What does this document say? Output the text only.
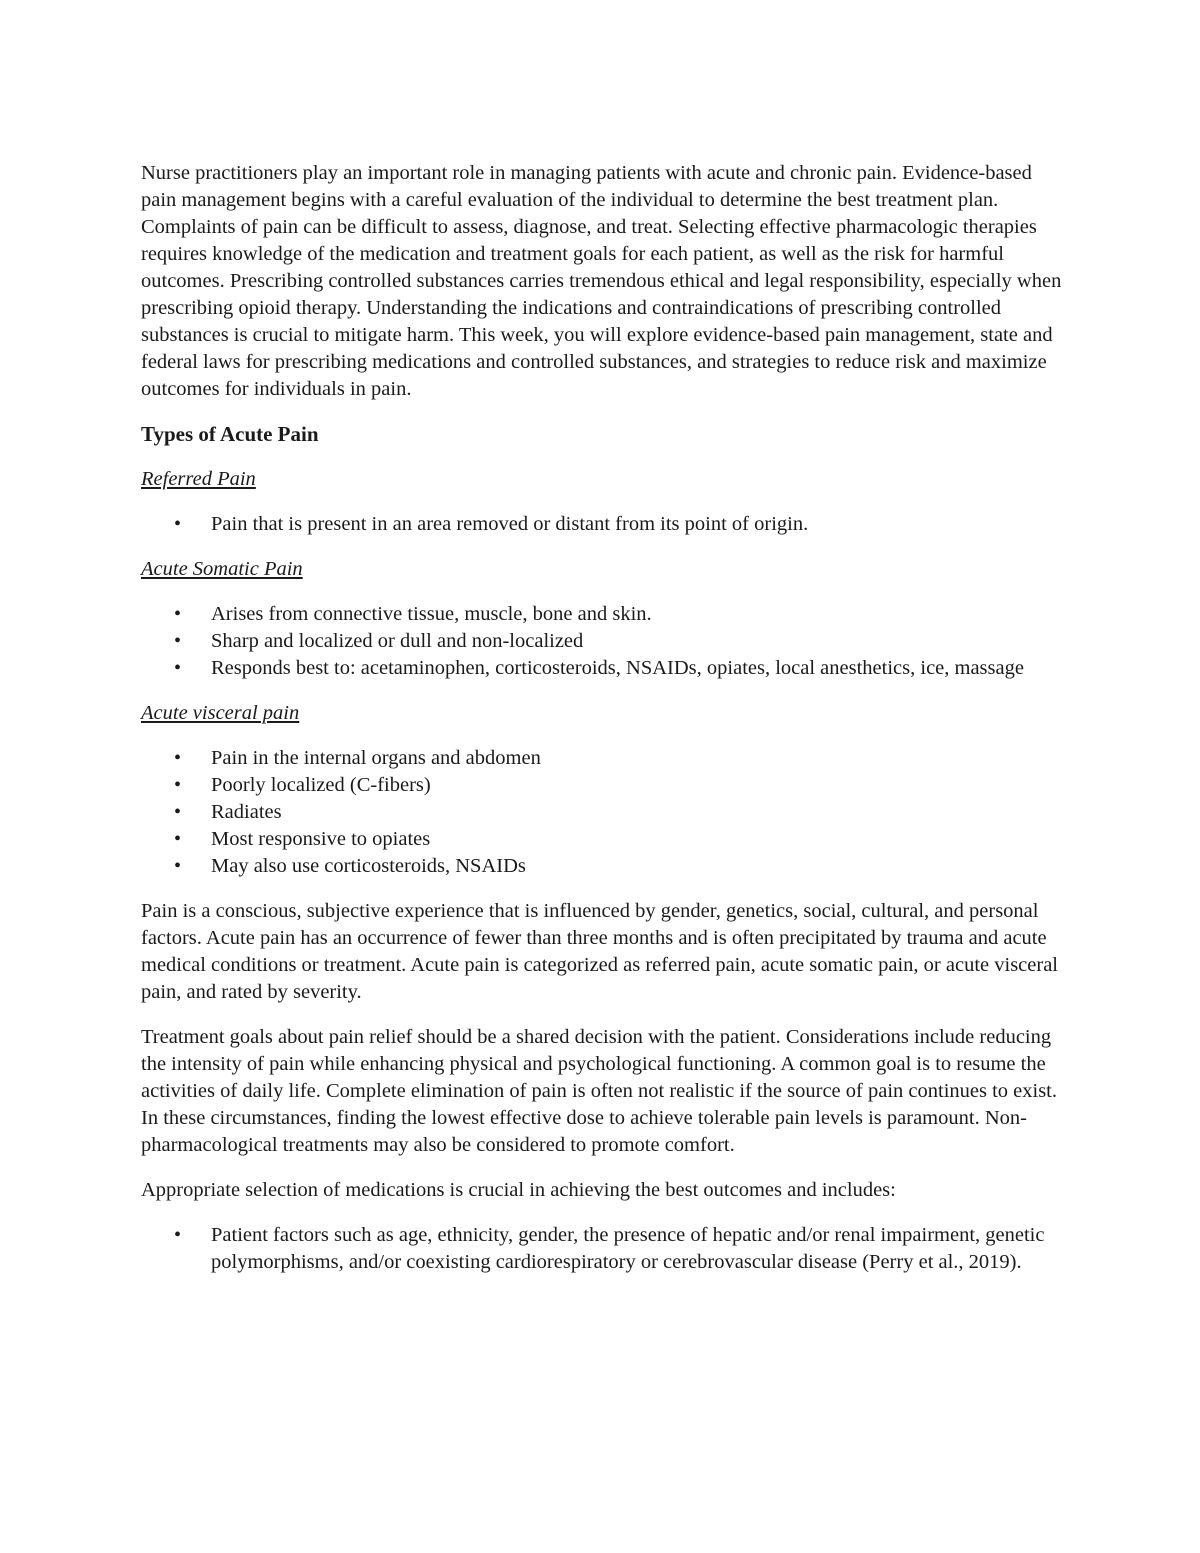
Nurse practitioners play an important role in managing patients with acute and chronic pain. Evidence-based pain management begins with a careful evaluation of the individual to determine the best treatment plan. Complaints of pain can be difficult to assess, diagnose, and treat. Selecting effective pharmacologic therapies requires knowledge of the medication and treatment goals for each patient, as well as the risk for harmful outcomes. Prescribing controlled substances carries tremendous ethical and legal responsibility, especially when prescribing opioid therapy. Understanding the indications and contraindications of prescribing controlled substances is crucial to mitigate harm. This week, you will explore evidence-based pain management, state and federal laws for prescribing medications and controlled substances, and strategies to reduce risk and maximize outcomes for individuals in pain.

Types of Acute Pain
Referred Pain
• Pain that is present in an area removed or distant from its point of origin.
Acute Somatic Pain
• Arises from connective tissue, muscle, bone and skin.
• Sharp and localized or dull and non-localized
• Responds best to: acetaminophen, corticosteroids, NSAIDs, opiates, local anesthetics, ice, massage
Acute visceral pain
• Pain in the internal organs and abdomen
• Poorly localized (C-fibers)
• Radiates
• Most responsive to opiates
• May also use corticosteroids, NSAIDs

Pain is a conscious, subjective experience that is influenced by gender, genetics, social, cultural, and personal factors. Acute pain has an occurrence of fewer than three months and is often precipitated by trauma and acute medical conditions or treatment. Acute pain is categorized as referred pain, acute somatic pain, or acute visceral pain, and rated by severity.

Treatment goals about pain relief should be a shared decision with the patient. Considerations include reducing the intensity of pain while enhancing physical and psychological functioning. A common goal is to resume the activities of daily life. Complete elimination of pain is often not realistic if the source of pain continues to exist. In these circumstances, finding the lowest effective dose to achieve tolerable pain levels is paramount. Non-pharmacological treatments may also be considered to promote comfort.

Appropriate selection of medications is crucial in achieving the best outcomes and includes:

• Patient factors such as age, ethnicity, gender, the presence of hepatic and/or renal impairment, genetic polymorphisms, and/or coexisting cardiorespiratory or cerebrovascular disease (Perry et al., 2019).
